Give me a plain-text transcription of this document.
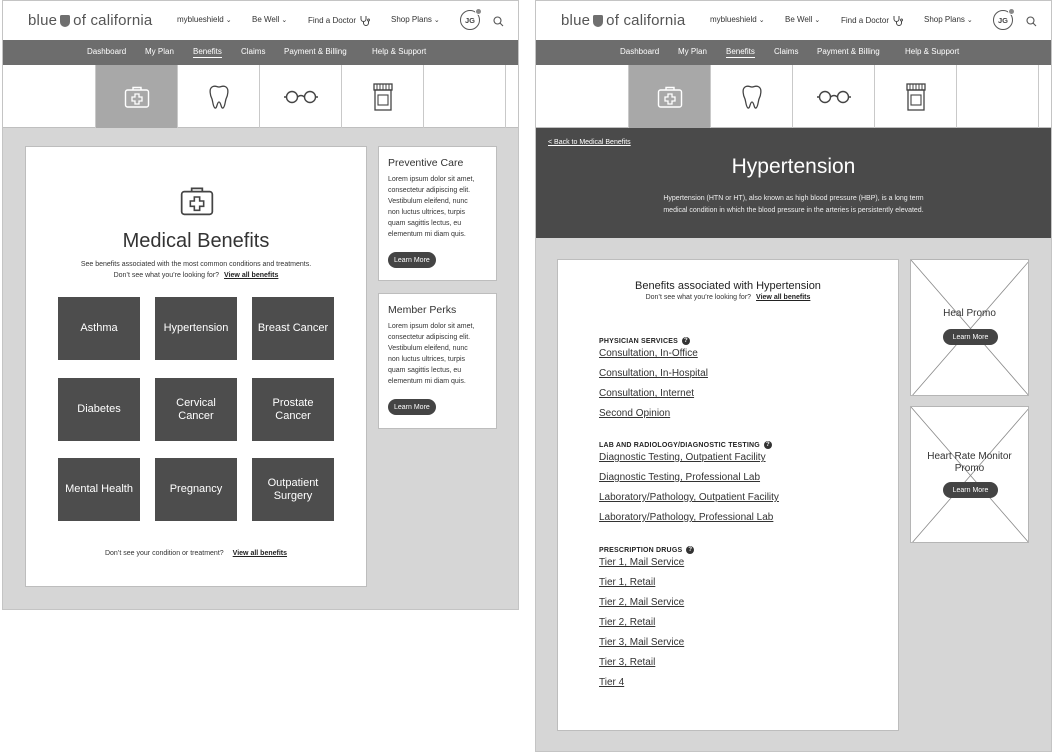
blue of california	myblueshield ⌄	Be Well ⌄	Find a Doctor	Shop Plans ⌄	JG
Dashboard My Plan Benefits Claims Payment & Billing	Help & Support
Medical Benefits
See benefits associated with the most common conditions and treatments.
Don’t see what you’re looking for? View all benefits
Asthma	Hypertension	Breast Cancer
Diabetes
Cervical
Cancer
Prostate
Cancer
Mental Health	Pregnancy
Outpatient
Surgery
Don’t see your condition or treatment? View all benefits
Preventive Care
Lorem ipsum dolor sit amet,
consectetur adipiscing elit.
Vestibulum eleifend, nunc
non luctus ultrices, turpis
quam sagittis lectus, eu
elementum mi diam quis.
Learn More
Member Perks
Lorem ipsum dolor sit amet,
consectetur adipiscing elit.
Vestibulum eleifend, nunc
non luctus ultrices, turpis
quam sagittis lectus, eu
elementum mi diam quis.
Learn More
blue of california	myblueshield ⌄	Be Well ⌄	Find a Doctor	Shop Plans ⌄	JG
Dashboard My Plan Benefits Claims Payment & Billing	Help & Support
< Back to Medical Benefits
Hypertension
Hypertension (HTN or HT), also known as high blood pressure (HBP), is a long term
medical condition in which the blood pressure in the arteries is persistently elevated.
Benefits associated with Hypertension
Don’t see what you’re looking for? View all benefits
PHYSICIAN SERVICES	?
Consultation, In-Office
Consultation, In-Hospital
Consultation, Internet
Second Opinion
LAB AND RADIOLOGY/DIAGNOSTIC TESTING	?
Diagnostic Testing, Outpatient Facility
Diagnostic Testing, Professional Lab
Laboratory/Pathology, Outpatient Facility
Laboratory/Pathology, Professional Lab
PRESCRIPTION DRUGS	?
Tier 1, Mail Service
Tier 1, Retail
Tier 2, Mail Service
Tier 2, Retail
Tier 3, Mail Service
Tier 3, Retail
Tier 4
Heal Promo
Learn More
Heart Rate Monitor
Promo
Learn More
